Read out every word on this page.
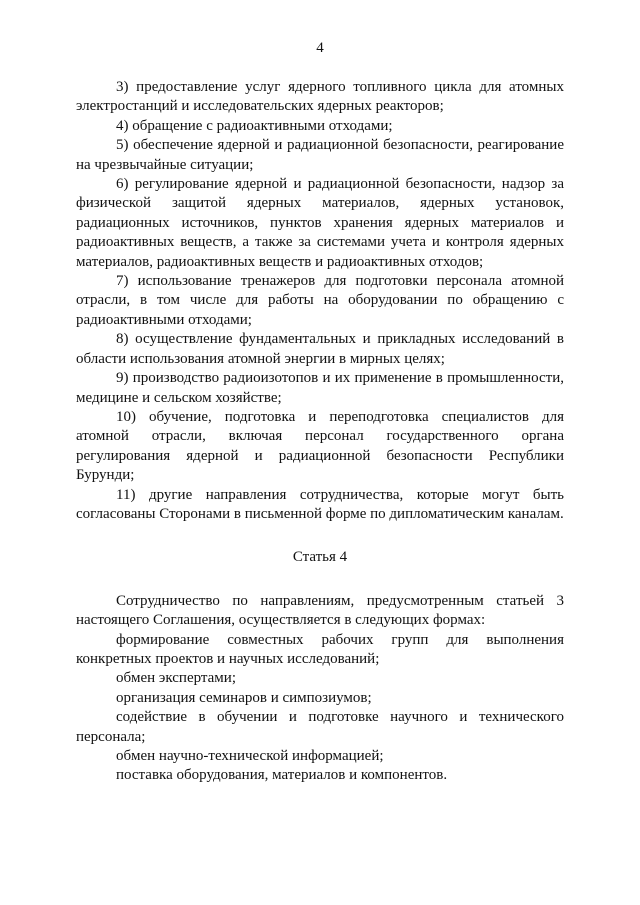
4

3) предоставление услуг ядерного топливного цикла для атомных электростанций и исследовательских ядерных реакторов;

4) обращение с радиоактивными отходами;

5) обеспечение ядерной и радиационной безопасности, реагирование на чрезвычайные ситуации;

6) регулирование ядерной и радиационной безопасности, надзор за физической защитой ядерных материалов, ядерных установок, радиационных источников, пунктов хранения ядерных материалов и радиоактивных веществ, а также за системами учета и контроля ядерных материалов, радиоактивных веществ и радиоактивных отходов;

7) использование тренажеров для подготовки персонала атомной отрасли, в том числе для работы на оборудовании по обращению с радиоактивными отходами;

8) осуществление фундаментальных и прикладных исследований в области использования атомной энергии в мирных целях;

9) производство радиоизотопов и их применение в промышленности, медицине и сельском хозяйстве;

10) обучение, подготовка и переподготовка специалистов для атомной отрасли, включая персонал государственного органа регулирования ядерной и радиационной безопасности Республики Бурунди;

11) другие направления сотрудничества, которые могут быть согласованы Сторонами в письменной форме по дипломатическим каналам.

Статья 4

Сотрудничество по направлениям, предусмотренным статьей 3 настоящего Соглашения, осуществляется в следующих формах:

формирование совместных рабочих групп для выполнения конкретных проектов и научных исследований;

обмен экспертами;

организация семинаров и симпозиумов;

содействие в обучении и подготовке научного и технического персонала;

обмен научно-технической информацией;

поставка оборудования, материалов и компонентов.
